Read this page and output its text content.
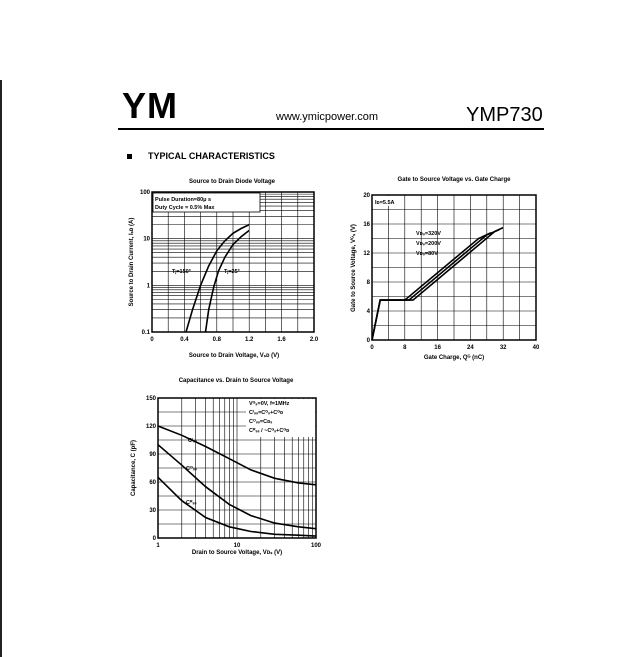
YM	www.ymicpower.com	YMP730
TYPICAL CHARACTERISTICS
Source to Drain Diode Voltage
Pulse Duration=80μ s
Duty Cycle = 0.5% Max
Tⱼ=150°	Tⱼ=25°
0	0.4	0.8	1.2	1.6	2.0
0.1
1
10
100
Source to Drain Voltage, Vₛᴅ (V)
Source to Drain Current, Iₛᴅ (A)
Gate to Source Voltage vs. Gate Charge
Iᴅ=5.5A
Vᴅₛ=320V
Vᴅₛ=200V
Vᴅₛ=80V
0	8	16	24	32	40
0
4
8
12
16
20
Gate Charge, Qᴳ (nC)
Gate to Source Voltage, Vᴳₛ (V)
Capacitance vs. Drain to Source Voltage
Vᴳₛ=0V, f=1MHz
Cᴵₛₛ=Cᴳₛ+Cᴳᴅ
Cᴼₛₛ=Cᴅₛ
Cᴿₛₛ / ~Cᴳₛ+Cᴳᴅ
Cᴵₛₛ
Cᴼₛₛ
Cᴿₛₛ
1	10	100
0
30
60
90
120
150
Drain to Source Voltage, Vᴅₛ (V)
Capacitance, C (pF)
